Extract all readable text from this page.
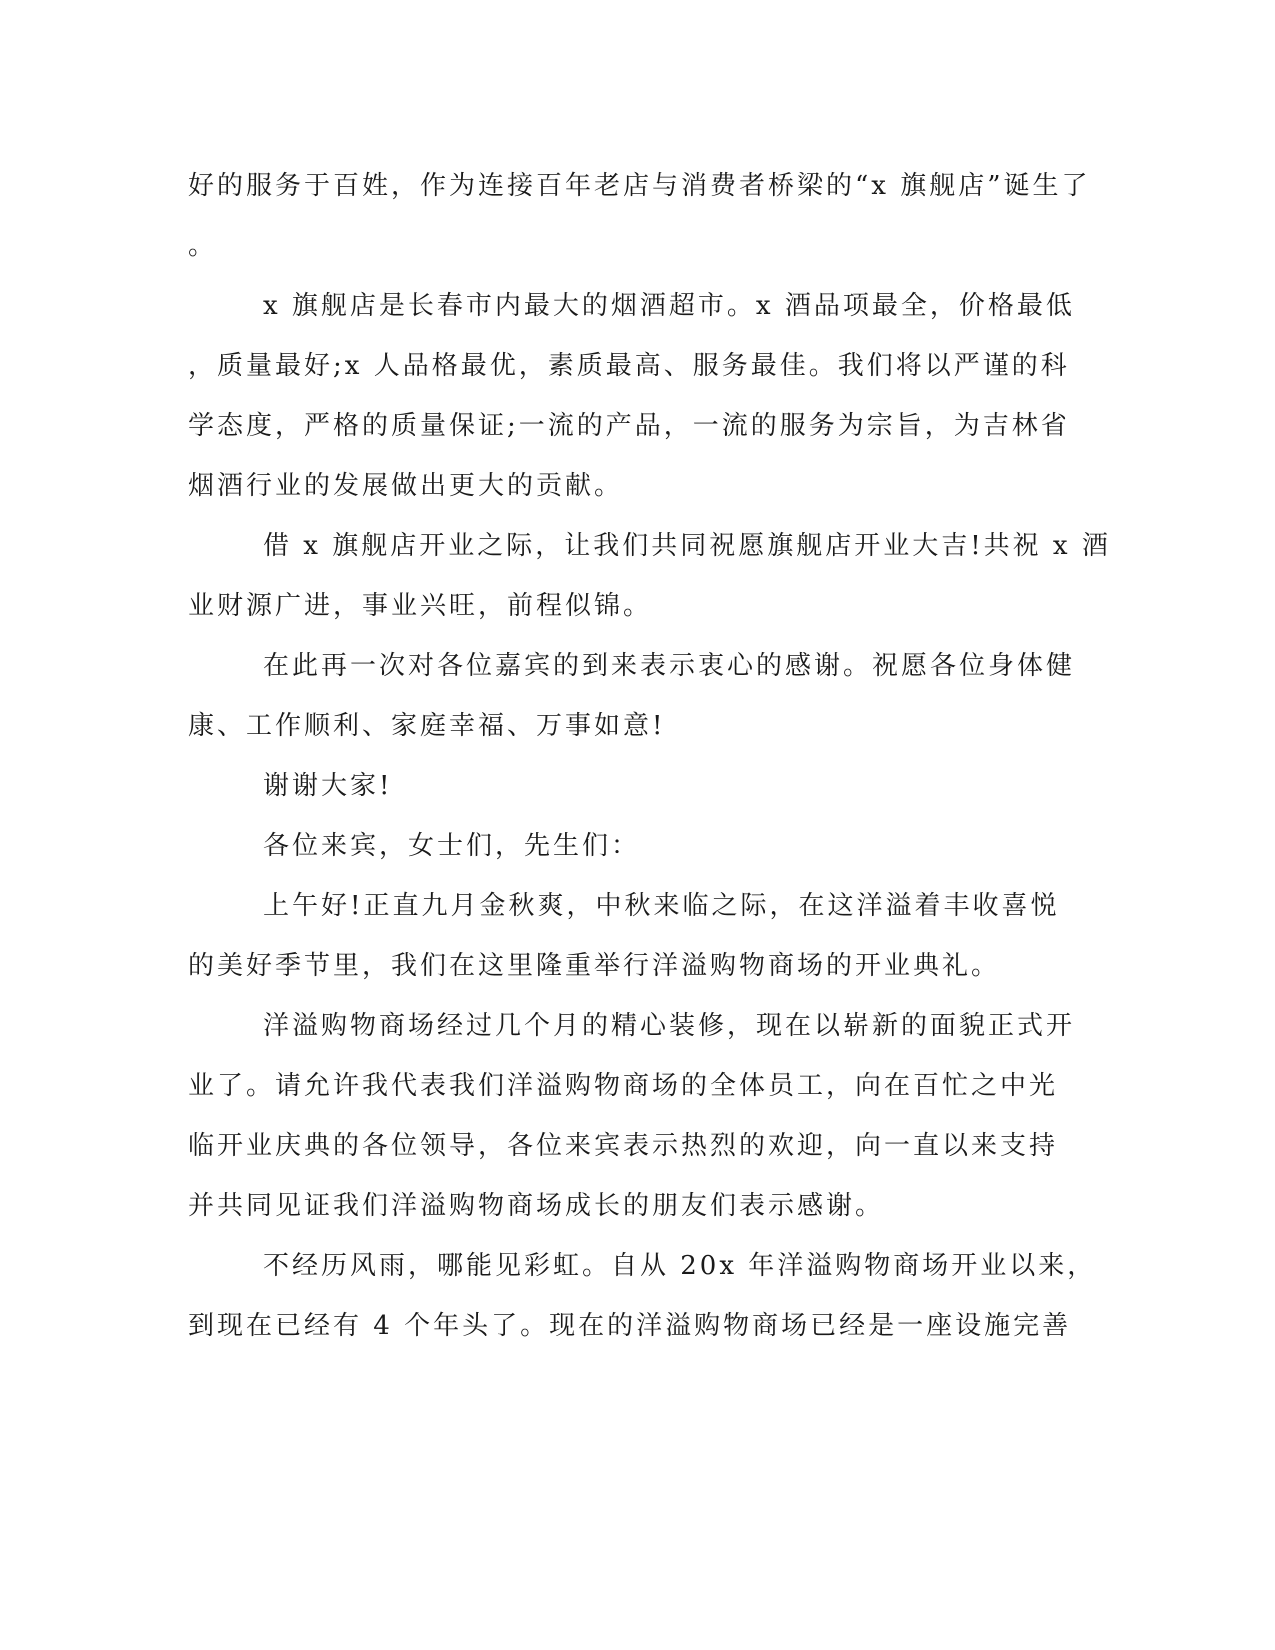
好的服务于百姓，作为连接百年老店与消费者桥梁的“x 旗舰店”诞生了
。
x 旗舰店是长春市内最大的烟酒超市。x 酒品项最全，价格最低
，质量最好;x 人品格最优，素质最高、服务最佳。我们将以严谨的科
学态度，严格的质量保证;一流的产品，一流的服务为宗旨，为吉林省
烟酒行业的发展做出更大的贡献。
借 x 旗舰店开业之际，让我们共同祝愿旗舰店开业大吉!共祝 x 酒
业财源广进，事业兴旺，前程似锦。
在此再一次对各位嘉宾的到来表示衷心的感谢。祝愿各位身体健
康、工作顺利、家庭幸福、万事如意!
谢谢大家!
各位来宾，女士们，先生们：
上午好!正直九月金秋爽，中秋来临之际，在这洋溢着丰收喜悦
的美好季节里，我们在这里隆重举行洋溢购物商场的开业典礼。
洋溢购物商场经过几个月的精心装修，现在以崭新的面貌正式开
业了。请允许我代表我们洋溢购物商场的全体员工，向在百忙之中光
临开业庆典的各位领导，各位来宾表示热烈的欢迎，向一直以来支持
并共同见证我们洋溢购物商场成长的朋友们表示感谢。
不经历风雨，哪能见彩虹。自从 20x 年洋溢购物商场开业以来，
到现在已经有 4 个年头了。现在的洋溢购物商场已经是一座设施完善
